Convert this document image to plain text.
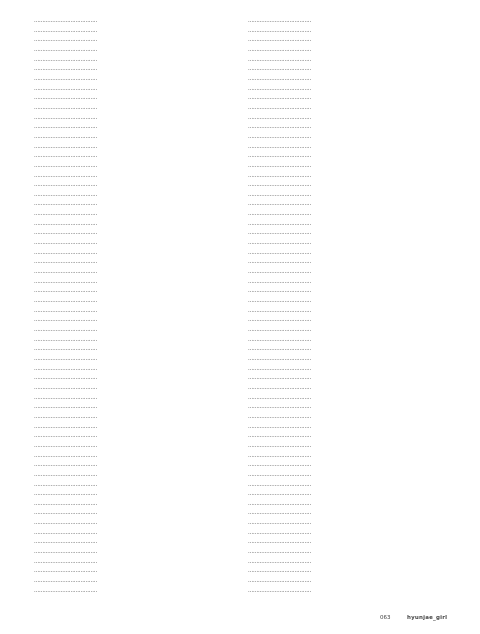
······································

······································

······································

······································

······································

······································

······································

······································

······································

······································

······································

······································

······································

······································

······································

······································

······································

······································

······································

······································

······································

······································

······································

······································

······································

······································

······································

······································

······································

······································

······································

······································

······································

······································

······································

······································

······································

······································

······································

······································

······································

······································

······································

······································

······································

······································

······································

······································

······································

······································

······································

······································

······································

······································

······································

······································

······································

······································

······································

······································

······································

······································

······································

······································

······································

······································

······································

······································

······································

······································

······································

······································

······································

······································

······································

······································

······································

······································

······································

······································

······································

······································

······································

······································

······································

······································

······································

······································

······································

······································

······································

······································

······································

······································

······································

······································

······································

······································

······································

······································

······································

······································

······································

······································

······································

······································

······································

······································

······································

······································

······································

······································

······································

······································

······································

······································

······································

······································

······································

······································

063	hyunjae_girl
